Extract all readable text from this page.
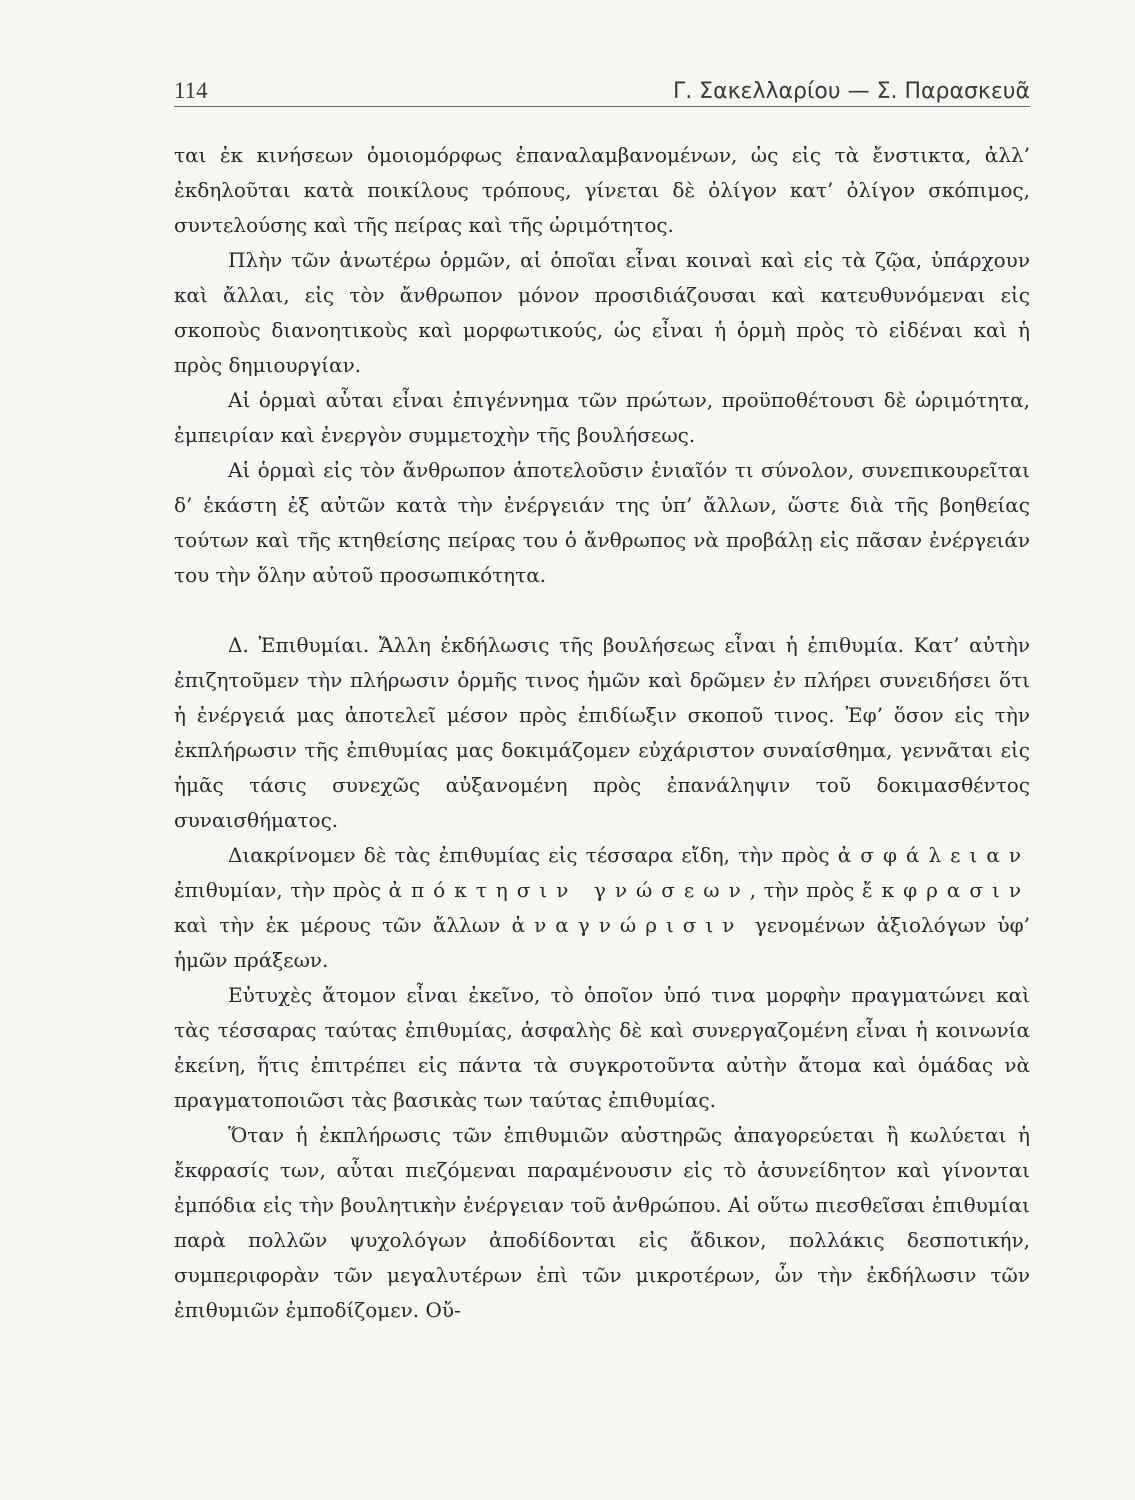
114	Γ. Σακελλαρίου — Σ. Παρασκευᾶ

ται ἐκ κινήσεων ὁμοιομόρφως ἐπαναλαμβανομένων, ὡς εἰς τὰ ἔνστικτα, ἀλλ’ ἐκδηλοῦται κατὰ ποικίλους τρόπους, γίνεται δὲ ὀλίγον κατ’ ὀλίγον σκόπιμος, συντελούσης καὶ τῆς πείρας καὶ τῆς ὡριμότητος.

Πλὴν τῶν ἀνωτέρω ὁρμῶν, αἱ ὁποῖαι εἶναι κοιναὶ καὶ εἰς τὰ ζῷα, ὑπάρχουν καὶ ἄλλαι, εἰς τὸν ἄνθρωπον μόνον προσιδιάζουσαι καὶ κατευθυνόμεναι εἰς σκοποὺς διανοητικοὺς καὶ μορφωτικούς, ὡς εἶναι ἡ ὁρμὴ πρὸς τὸ εἰδέναι καὶ ἡ πρὸς δημιουργίαν.

Αἱ ὁρμαὶ αὗται εἶναι ἐπιγέννημα τῶν πρώτων, προϋποθέτουσι δὲ ὡριμότητα, ἐμπειρίαν καὶ ἐνεργὸν συμμετοχὴν τῆς βουλήσεως.

Αἱ ὁρμαὶ εἰς τὸν ἄνθρωπον ἀποτελοῦσιν ἑνιαῖόν τι σύνολον, συνεπικουρεῖται δ’ ἑκάστη ἐξ αὐτῶν κατὰ τὴν ἐνέργειάν της ὑπ’ ἄλλων, ὥστε διὰ τῆς βοηθείας τούτων καὶ τῆς κτηθείσης πείρας του ὁ ἄνθρωπος νὰ προβάλῃ εἰς πᾶσαν ἐνέργειάν του τὴν ὅλην αὐτοῦ προσωπικότητα.

Δ. Ἐπιθυμίαι. Ἄλλη ἐκδήλωσις τῆς βουλήσεως εἶναι ἡ ἐπιθυμία. Κατ’ αὐτὴν ἐπιζητοῦμεν τὴν πλήρωσιν ὁρμῆς τινος ἡμῶν καὶ δρῶμεν ἐν πλήρει συνειδήσει ὅτι ἡ ἐνέργειά μας ἀποτελεῖ μέσον πρὸς ἐπιδίωξιν σκοποῦ τινος. Ἐφ’ ὅσον εἰς τὴν ἐκπλήρωσιν τῆς ἐπιθυμίας μας δοκιμάζομεν εὐχάριστον συναίσθημα, γεννᾶται εἰς ἡμᾶς τάσις συνεχῶς αὐξανομένη πρὸς ἐπανάληψιν τοῦ δοκιμασθέντος συναισθήματος.

Διακρίνομεν δὲ τὰς ἐπιθυμίας εἰς τέσσαρα εἴδη, τὴν πρὸς ἀσφάλειαν ἐπιθυμίαν, τὴν πρὸς ἀπόκτησιν γνώσεων, τὴν πρὸς ἔκφρασιν καὶ τὴν ἐκ μέρους τῶν ἄλλων ἀναγνώρισιν γενομένων ἀξιολόγων ὑφ’ ἡμῶν πράξεων.

Εὐτυχὲς ἄτομον εἶναι ἐκεῖνο, τὸ ὁποῖον ὑπό τινα μορφὴν πραγματώνει καὶ τὰς τέσσαρας ταύτας ἐπιθυμίας, ἀσφαλὴς δὲ καὶ συνεργαζομένη εἶναι ἡ κοινωνία ἐκείνη, ἥτις ἐπιτρέπει εἰς πάντα τὰ συγκροτοῦντα αὐτὴν ἄτομα καὶ ὁμάδας νὰ πραγματοποιῶσι τὰς βασικὰς των ταύτας ἐπιθυμίας.

Ὅταν ἡ ἐκπλήρωσις τῶν ἐπιθυμιῶν αὐστηρῶς ἀπαγορεύεται ἢ κωλύεται ἡ ἔκφρασίς των, αὗται πιεζόμεναι παραμένουσιν εἰς τὸ ἀσυνείδητον καὶ γίνονται ἐμπόδια εἰς τὴν βουλητικὴν ἐνέργειαν τοῦ ἀνθρώπου. Αἱ οὕτω πιεσθεῖσαι ἐπιθυμίαι παρὰ πολλῶν ψυχολόγων ἀποδίδονται εἰς ἄδικον, πολλάκις δεσποτικήν, συμπεριφορὰν τῶν μεγαλυτέρων ἐπὶ τῶν μικροτέρων, ὧν τὴν ἐκδήλωσιν τῶν ἐπιθυμιῶν ἐμποδίζομεν. Οὔ-
